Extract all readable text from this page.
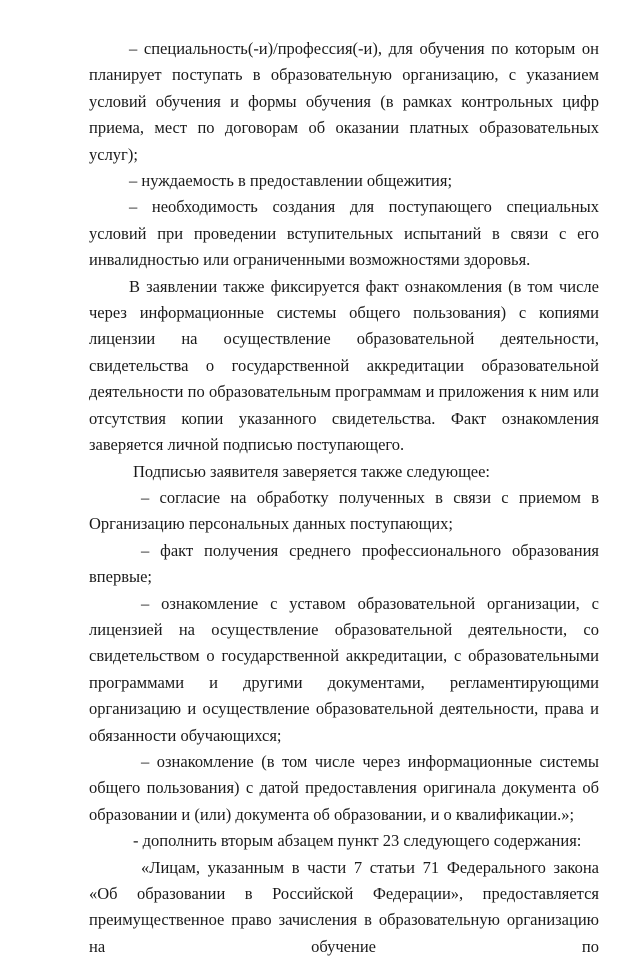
– специальность(-и)/профессия(-и), для обучения по которым он планирует поступать в образовательную организацию, с указанием условий обучения и формы обучения (в рамках контрольных цифр приема, мест по договорам об оказании платных образовательных услуг);

– нуждаемость в предоставлении общежития;

– необходимость создания для поступающего специальных условий при проведении вступительных испытаний в связи с его инвалидностью или ограниченными возможностями здоровья.

В заявлении также фиксируется факт ознакомления (в том числе через информационные системы общего пользования) с копиями лицензии на осуществление образовательной деятельности, свидетельства о государственной аккредитации образовательной деятельности по образовательным программам и приложения к ним или отсутствия копии указанного свидетельства. Факт ознакомления заверяется личной подписью поступающего.

Подписью заявителя заверяется также следующее:

– согласие на обработку полученных в связи с приемом в Организацию персональных данных поступающих;

– факт получения среднего профессионального образования впервые;

– ознакомление с уставом образовательной организации, с лицензией на осуществление образовательной деятельности, со свидетельством о государственной аккредитации, с образовательными программами и другими документами, регламентирующими организацию и осуществление образовательной деятельности, права и обязанности обучающихся;

– ознакомление (в том числе через информационные системы общего пользования) с датой предоставления оригинала документа об образовании и (или) документа об образовании, и о квалификации.»;

- дополнить вторым абзацем пункт 23 следующего содержания:

«Лицам, указанным в части 7 статьи 71 Федерального закона «Об образовании в Российской Федерации», предоставляется преимущественное право зачисления в образовательную организацию на обучение по
